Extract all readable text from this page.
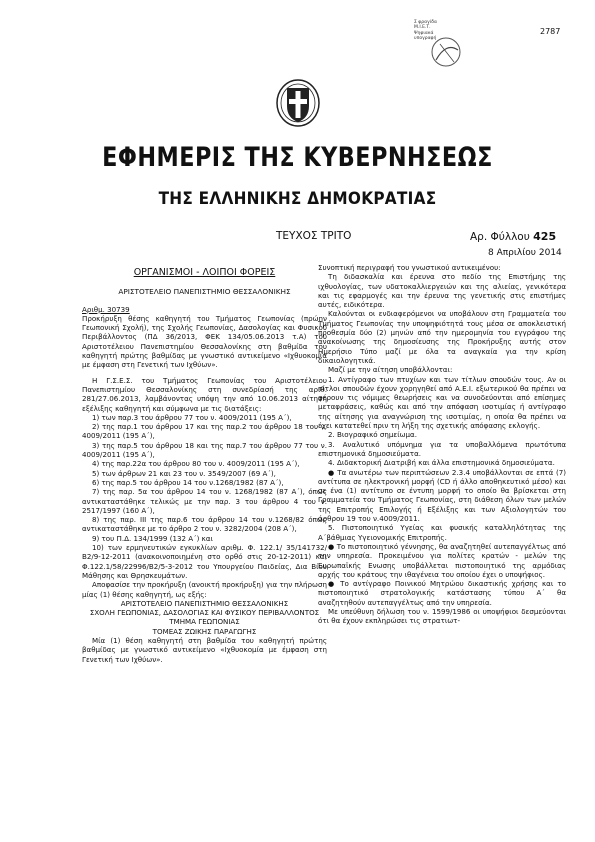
Σ φραγίδα
Μ.Ι.Ε.Τ.
Ψηφιακά
υπογραφή
2787
ΕΦΗΜΕΡΙΣ ΤΗΣ ΚΥΒΕΡΝΗΣΕΩΣ
ΤΗΣ ΕΛΛΗΝΙΚΗΣ ΔΗΜΟΚΡΑΤΙΑΣ
ΤΕΥΧΟΣ ΤΡΙΤΟ	Αρ. Φύλλου 425
8 Απριλίου 2014

ΟΡΓΑΝΙΣΜΟΙ - ΛΟΙΠΟΙ ΦΟΡΕΙΣ

ΑΡΙΣΤΟΤΕΛΕΙΟ ΠΑΝΕΠΙΣΤΗΜΙΟ ΘΕΣΣΑΛΟΝΙΚΗΣ

Αριθμ. 30739

Προκήρυξη θέσης καθηγητή του Τμήματος Γεωπονίας (πρώην Γεωπονική Σχολή), της Σχολής Γεωπονίας, Δασολογίας και Φυσικού Περιβάλλοντος (ΠΔ 36/2013, ΦΕΚ 134/05.06.2013 τ.Α) του Αριστοτέλειου Πανεπιστημίου Θεσσαλονίκης στη βαθμίδα του καθηγητή πρώτης βαθμίδας με γνωστικό αντικείμενο «Ιχθυοκομία με έμφαση στη Γενετική των Ιχθύων».

Η Γ.Σ.Ε.Σ. του Τμήματος Γεωπονίας του Αριστοτέλειου Πανεπιστημίου Θεσσαλονίκης στη συνεδρίασή της αριθ. 281/27.06.2013, λαμβάνοντας υπόψη την από 10.06.2013 αίτηση εξέλιξης καθηγητή και σύμφωνα με τις διατάξεις:

1) των παρ.3 του άρθρου 77 του ν. 4009/2011 (195 Α΄),

2) της παρ.1 του άρθρου 17 και της παρ.2 του άρθρου 18 του ν. 4009/2011 (195 Α΄),

3) της παρ.5 του άρθρου 18 και της παρ.7 του άρθρου 77 του ν. 4009/2011 (195 Α΄),

4) της παρ.22α του άρθρου 80 του ν. 4009/2011 (195 Α΄),

5) των άρθρων 21 και 23 του ν. 3549/2007 (69 Α΄),

6) της παρ.5 του άρθρου 14 του ν.1268/1982 (87 Α΄),

7) της παρ. 5α του άρθρου 14 του ν. 1268/1982 (87 Α΄), όπως αντικαταστάθηκε τελικώς με την παρ. 3 του άρθρου 4 του ν. 2517/1997 (160 Α΄),

8) της παρ. ΙΙΙ της παρ.6 του άρθρου 14 του ν.1268/82 όπως αντικαταστάθηκε με το άρθρο 2 του ν. 3282/2004 (208 Α΄),

9) του Π.Δ. 134/1999 (132 Α΄) και

10) των ερμηνευτικών εγκυκλίων αριθμ. Φ. 122.1/ 35/141732/Β2/9-12-2011 (ανακοινοποιημένη στο ορθό στις 20-12-2011) και Φ.122.1/58/22996/Β2/5-3-2012 του Υπουργείου Παιδείας, Δια Βίου Μάθησης και Θρησκευμάτων.

Αποφασίσε την προκήρυξη (ανοικτή προκήρυξη) για την πλήρωση μίας (1) θέσης καθηγητή, ως εξής:

ΑΡΙΣΤΟΤΕΛΕΙΟ ΠΑΝΕΠΙΣΤΗΜΙΟ ΘΕΣΣΑΛΟΝΙΚΗΣ
ΣΧΟΛΗ ΓΕΩΠΟΝΙΑΣ, ΔΑΣΟΛΟΓΙΑΣ ΚΑΙ ΦΥΣΙΚΟΥ ΠΕΡΙΒΑΛΛΟΝΤΟΣ

ΤΜΗΜΑ ΓΕΩΠΟΝΙΑΣ

ΤΟΜΕΑΣ ΖΩΙΚΗΣ ΠΑΡΑΓΩΓΗΣ

Μία (1) θέση καθηγητή στη βαθμίδα του καθηγητή πρώτης βαθμίδας με γνωστικό αντικείμενο «Ιχθυοκομία με έμφαση στη Γενετική των Ιχθύων».

Συνοπτική περιγραφή του γνωστικού αντικειμένου:

Τη διδασκαλία και έρευνα στο πεδίο της Επιστήμης της ιχθυολογίας, των υδατοκαλλιεργειών και της αλιείας, γενικότερα και τις εφαρμογές και την έρευνα της γενετικής στις επιστήμες αυτές, ειδικότερα.

Καλούνται οι ενδιαφερόμενοι να υποβάλουν στη Γραμματεία του Τμήματος Γεωπονίας την υποψηφιότητά τους μέσα σε αποκλειστική προθεσμία δύο (2) μηνών από την ημερομηνία του εγγράφου της ανακοίνωσης της δημοσίευσης της Προκήρυξης αυτής στον Ημερήσιο Τύπο μαζί με όλα τα αναγκαία για την κρίση δικαιολογητικά.

Μαζί με την αίτηση υποβάλλονται:

1. Αντίγραφο των πτυχίων και των τίτλων σπουδών τους. Αν οι τίτλοι σπουδών έχουν χορηγηθεί από Α.Ε.Ι. εξωτερικού θα πρέπει να φέρουν τις νόμιμες θεωρήσεις και να συνοδεύονται από επίσημες μεταφράσεις, καθώς και από την απόφαση ισοτιμίας ή αντίγραφο της αίτησης για αναγνώριση της ισοτιμίας, η οποία θα πρέπει να έχει κατατεθεί πριν τη λήξη της σχετικής απόφασης εκλογής.

2. Βιογραφικό σημείωμα.

3. Αναλυτικό υπόμνημα για τα υποβαλλόμενα πρωτότυπα επιστημονικά δημοσιεύματα.

4. Διδακτορική Διατριβή και άλλα επιστημονικά δημοσιεύματα.

● Τα ανωτέρω των περιπτώσεων 2.3.4 υποβάλλονται σε επτά (7) αντίτυπα σε ηλεκτρονική μορφή (CD ή άλλο αποθηκευτικό μέσο) και σε ένα (1) αντίτυπο σε έντυπη μορφή το οποίο θα βρίσκεται στη Γραμματεία του Τμήματος Γεωπονίας, στη διάθεση όλων των μελών της Επιτροπής Επιλογής ή Εξέλιξης και των Αξιολογητών του άρθρου 19 του ν.4009/2011.

5. Πιστοποιητικό Υγείας και φυσικής καταλληλότητας της Α΄βάθμιας Υγειονομικής Επιτροπής.

● Το πιστοποιητικό γέννησης, θα αναζητηθεί αυτεπαγγέλτως από την υπηρεσία. Προκειμένου για πολίτες κρατών - μελών της Ευρωπαϊκής Ενωσης υποβάλλεται πιστοποιητικό της αρμόδιας αρχής του κράτους την ιθαγένεια του οποίου έχει ο υποψήφιος.

● Το αντίγραφο Ποινικού Μητρώου δικαστικής χρήσης και το πιστοποιητικό στρατολογικής κατάστασης τύπου Α΄ θα αναζητηθούν αυτεπαγγέλτως από την υπηρεσία.

Με υπεύθυνη δήλωση του ν. 1599/1986 οι υποψήφιοι δεσμεύονται ότι θα έχουν εκπληρώσει τις στρατιωτ-
